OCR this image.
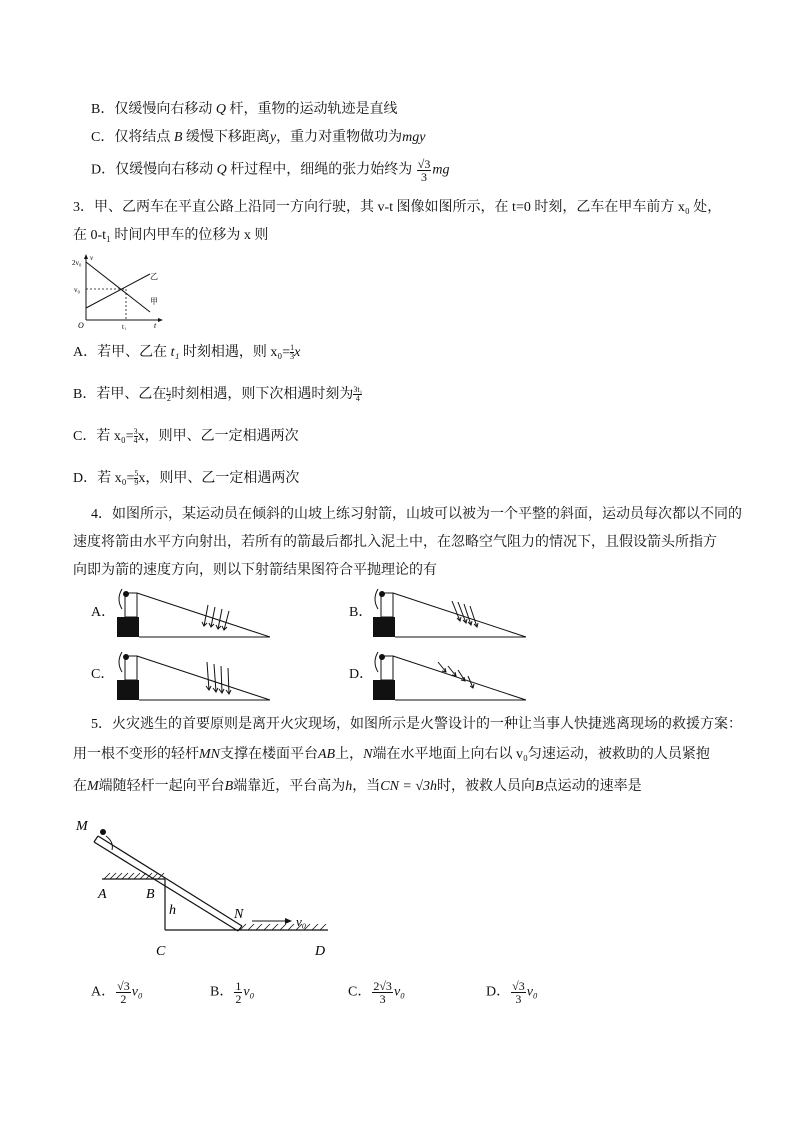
B．仅缓慢向右移动 Q 杆，重物的运动轨迹是直线
C．仅将结点 B 缓慢下移距离y，重力对重物做功为mgy
D．仅缓慢向右移动 Q 杆过程中，细绳的张力始终为 $\frac{√3}{3}$ mg
3．甲、乙两车在平直公路上沿同一方向行驶，其 v-t 图像如图所示，在 t=0 时刻，乙车在甲车前方 x₀ 处，
在 0-t₁ 时间内甲车的位移为 x 则
2v₀
v₀
v
O	t₁	t
乙
甲
A．若甲、乙在 t₁ 时刻相遇，则 $x_0= \frac{1}{3}$ x
B．若甲、乙在 $\frac{\text{t₁}}{2}$ 时刻相遇，则下次相遇时刻为 $\frac{\text{3t₁}}{4}$
C．若 $x_0= \frac{3}{4}$ x，则甲、乙一定相遇两次
D．若 $x_0= \frac{5}{9}$ x，则甲、乙一定相遇两次
4．如图所示，某运动员在倾斜的山坡上练习射箭，山坡可以被为一个平整的斜面，运动员每次都以不同的
速度将箭由水平方向射出，若所有的箭最后都扎入泥土中，在忽略空气阻力的情况下，且假设箭头所指方
向即为箭的速度方向，则以下射箭结果图符合平抛理论的有
A．	B．
C．	D．
5．火灾逃生的首要原则是离开火灾现场，如图所示是火警设计的一种让当事人快捷逃离现场的救援方案：
用一根不变形的轻杆MN支撑在楼面平台AB上，N端在水平地面上向右以 v₀匀速运动，被救助的人员紧抱
在M端随轻杆一起向平台B端靠近，平台高为h，当CN = √3h时，被救人员向B点运动的速率是
M
A	B
h	N	v₀
C	D
A． $\frac{√3}{2} v_0$	B． $\frac{1}{2} v_0$	C． $\frac{2√3}{3} v_0$	D． $\frac{√3}{3} v_0$
